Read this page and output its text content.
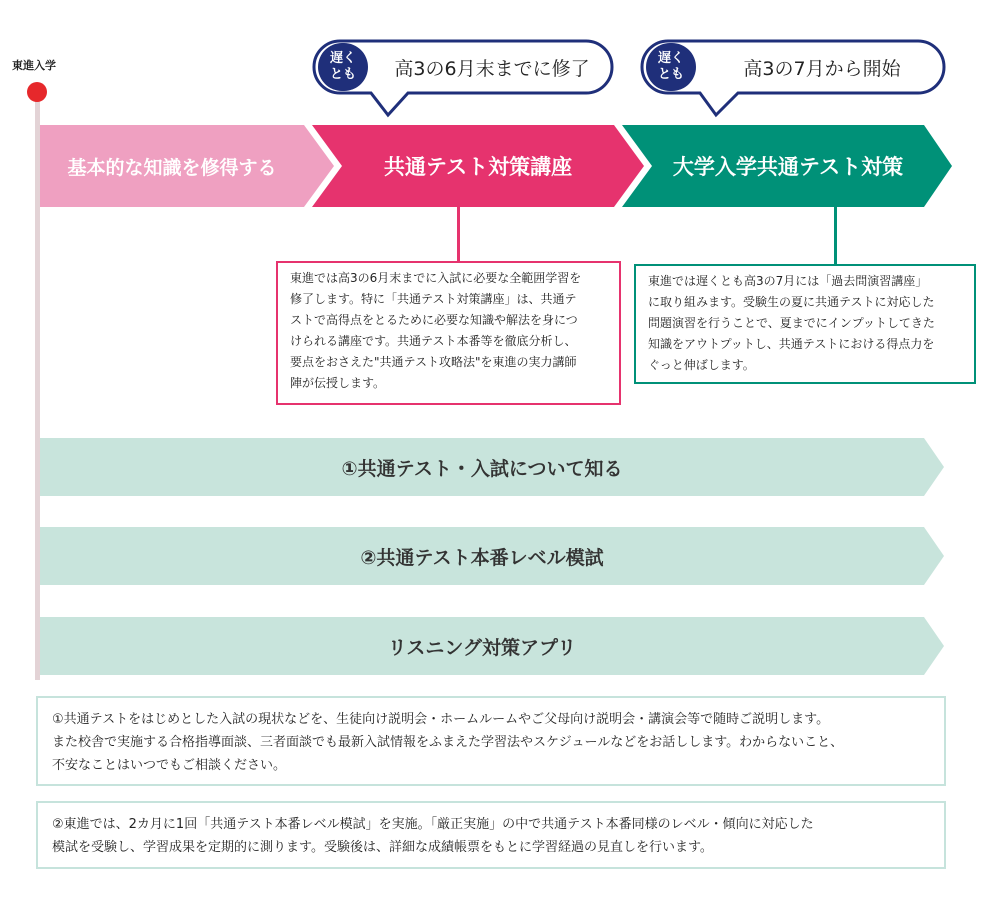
東進入学	遅く
とも	高3の6月末までに修了	遅く
とも	高3の7月から開始
基本的な知識を修得する	共通テスト対策講座	大学入学共通テスト対策
東進では高3の6月末までに入試に必要な全範囲学習を
修了します。特に「共通テスト対策講座」は、共通テ
ストで高得点をとるために必要な知識や解法を身につ
けられる講座です。共通テスト本番等を徹底分析し、
要点をおさえた"共通テスト攻略法"を東進の実力講師
陣が伝授します。
東進では遅くとも高3の7月には「過去問演習講座」
に取り組みます。受験生の夏に共通テストに対応した
問題演習を行うことで、夏までにインプットしてきた
知識をアウトプットし、共通テストにおける得点力を
ぐっと伸ばします。
①共通テスト・入試について知る
②共通テスト本番レベル模試
リスニング対策アプリ
①共通テストをはじめとした入試の現状などを、生徒向け説明会・ホームルームやご父母向け説明会・講演会等で随時ご説明します。
また校舎で実施する合格指導面談、三者面談でも最新入試情報をふまえた学習法やスケジュールなどをお話しします。わからないこと、
不安なことはいつでもご相談ください。
②東進では、2カ月に1回「共通テスト本番レベル模試」を実施。「厳正実施」の中で共通テスト本番同様のレベル・傾向に対応した
模試を受験し、学習成果を定期的に測ります。受験後は、詳細な成績帳票をもとに学習経過の見直しを行います。
